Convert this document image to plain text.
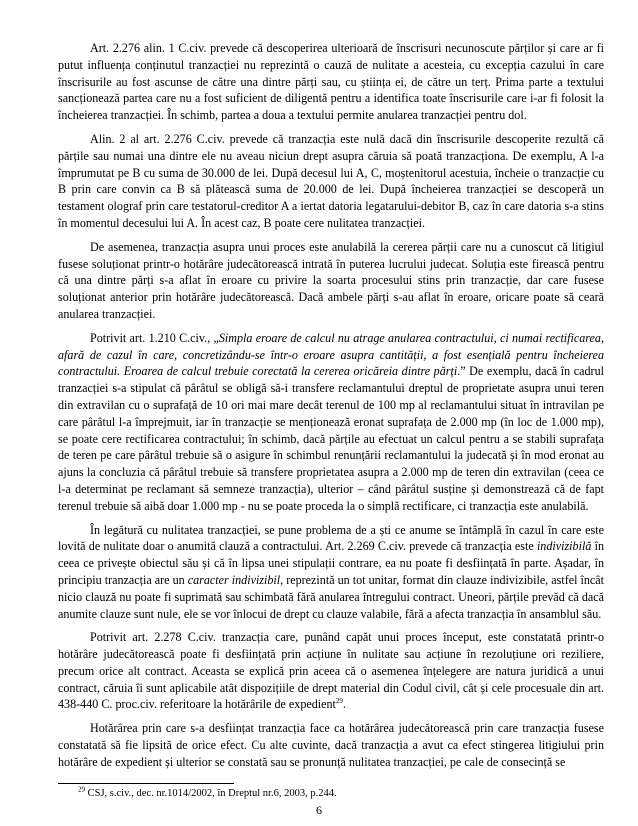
Art. 2.276 alin. 1 C.civ. prevede că descoperirea ulterioară de înscrisuri necunoscute părților și care ar fi putut influența conținutul tranzacției nu reprezintă o cauză de nulitate a acesteia, cu excepția cazului în care înscrisurile au fost ascunse de către una dintre părți sau, cu știința ei, de către un terț. Prima parte a textului sancționează partea care nu a fost suficient de diligentă pentru a identifica toate înscrisurile care i-ar fi folosit la încheierea tranzacției. În schimb, partea a doua a textului permite anularea tranzacției pentru dol.

Alin. 2 al art. 2.276 C.civ. prevede că tranzacția este nulă dacă din înscrisurile descoperite rezultă că părțile sau numai una dintre ele nu aveau niciun drept asupra căruia să poată tranzacționa. De exemplu, A l-a împrumutat pe B cu suma de 30.000 de lei. După decesul lui A, C, moștenitorul acestuia, încheie o tranzacție cu B prin care convin ca B să plătească suma de 20.000 de lei. După încheierea tranzacției se descoperă un testament olograf prin care testatorul-creditor A a iertat datoria legatarului-debitor B, caz în care datoria s-a stins în momentul decesului lui A. În acest caz, B poate cere nulitatea tranzacției.

De asemenea, tranzacția asupra unui proces este anulabilă la cererea părții care nu a cunoscut că litigiul fusese soluționat printr-o hotărâre judecătorească intrată în puterea lucrului judecat. Soluția este firească pentru că una dintre părți s-a aflat în eroare cu privire la soarta procesului stins prin tranzacție, dar care fusese soluționat anterior prin hotărâre judecătorească. Dacă ambele părți s-au aflat în eroare, oricare poate să ceară anularea tranzacției.

Potrivit art. 1.210 C.civ., „Simpla eroare de calcul nu atrage anularea contractului, ci numai rectificarea, afară de cazul în care, concretizându-se într-o eroare asupra cantității, a fost esențială pentru încheierea contractului. Eroarea de calcul trebuie corectată la cererea oricăreia dintre părți.” De exemplu, dacă în cadrul tranzacției s-a stipulat că pârâtul se obligă să-i transfere reclamantului dreptul de proprietate asupra unui teren din extravilan cu o suprafață de 10 ori mai mare decât terenul de 100 mp al reclamantului situat în intravilan pe care pârâtul l-a împrejmuit, iar în tranzacție se menționează eronat suprafața de 2.000 mp (în loc de 1.000 mp), se poate cere rectificarea contractului; în schimb, dacă părțile au efectuat un calcul pentru a se stabili suprafața de teren pe care pârâtul trebuie să o asigure în schimbul renunțării reclamantului la judecată și în mod eronat au ajuns la concluzia că pârâtul trebuie să transfere proprietatea asupra a 2.000 mp de teren din extravilan (ceea ce l-a determinat pe reclamant să semneze tranzacția), ulterior – când pârâtul susține și demonstrează că de fapt terenul trebuie să aibă doar 1.000 mp - nu se poate proceda la o simplă rectificare, ci tranzacția este anulabilă.

În legătură cu nulitatea tranzacției, se pune problema de a ști ce anume se întâmplă în cazul în care este lovită de nulitate doar o anumită clauză a contractului. Art. 2.269 C.civ. prevede că tranzacția este indivizibilă în ceea ce privește obiectul său și că în lipsa unei stipulații contrare, ea nu poate fi desființată în parte. Așadar, în principiu tranzacția are un caracter indivizibil, reprezintă un tot unitar, format din clauze indivizibile, astfel încât nicio clauză nu poate fi suprimată sau schimbată fără anularea întregului contract. Uneori, părțile prevăd că dacă anumite clauze sunt nule, ele se vor înlocui de drept cu clauze valabile, fără a afecta tranzacția în ansamblul său.

Potrivit art. 2.278 C.civ. tranzacția care, punând capăt unui proces început, este constatată printr-o hotărâre judecătorească poate fi desființată prin acțiune în nulitate sau acțiune în rezoluțiune ori reziliere, precum orice alt contract. Aceasta se explică prin aceea că o asemenea înțelegere are natura juridică a unui contract, căruia îi sunt aplicabile atât dispozițiile de drept material din Codul civil, cât și cele procesuale din art. 438-440 C. proc.civ. referitoare la hotărârile de expedient$^{29}$.

Hotărârea prin care s-a desființat tranzacția face ca hotărârea judecătorească prin care tranzacția fusese constatată să fie lipsită de orice efect. Cu alte cuvinte, dacă tranzacția a avut ca efect stingerea litigiului prin hotărâre de expedient și ulterior se constată sau se pronunță nulitatea tranzacției, pe cale de consecință se

$^{29}$ CSJ, s.civ., dec. nr.1014/2002, în Dreptul nr.6, 2003, p.244.
6
